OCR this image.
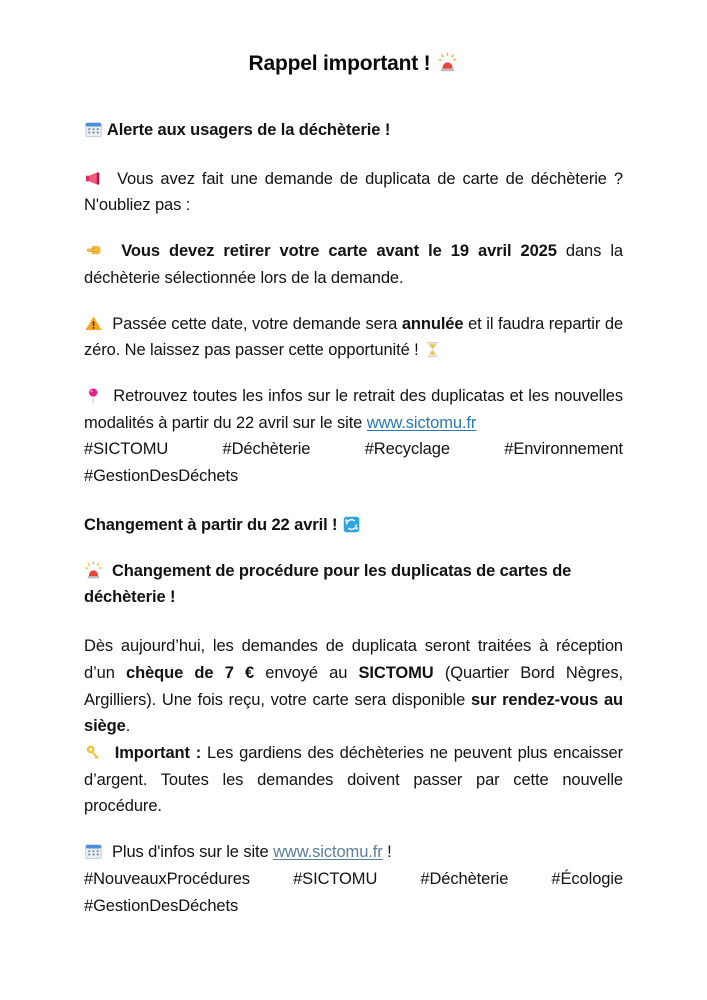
Rappel important !

Alerte aux usagers de la déchèterie !

Vous avez fait une demande de duplicata de carte de déchèterie ? N'oubliez pas :

Vous devez retirer votre carte avant le 19 avril 2025 dans la déchèterie sélectionnée lors de la demande.

Passée cette date, votre demande sera annulée et il faudra repartir de zéro. Ne laissez pas passer cette opportunité !

Retrouvez toutes les infos sur le retrait des duplicatas et les nouvelles modalités à partir du 22 avril sur le site www.sictomu.fr

#SICTOMU #Déchèterie #Recyclage #Environnement #GestionDesDéchets

Changement à partir du 22 avril !

Changement de procédure pour les duplicatas de cartes de déchèterie !

Dès aujourd’hui, les demandes de duplicata seront traitées à réception d’un chèque de 7 € envoyé au SICTOMU (Quartier Bord Nègres, Argilliers). Une fois reçu, votre carte sera disponible sur rendez-vous au siège.

Important : Les gardiens des déchèteries ne peuvent plus encaisser d’argent. Toutes les demandes doivent passer par cette nouvelle procédure.

Plus d'infos sur le site www.sictomu.fr !

#NouveauxProcédures #SICTOMU #Déchèterie #Écologie #GestionDesDéchets
